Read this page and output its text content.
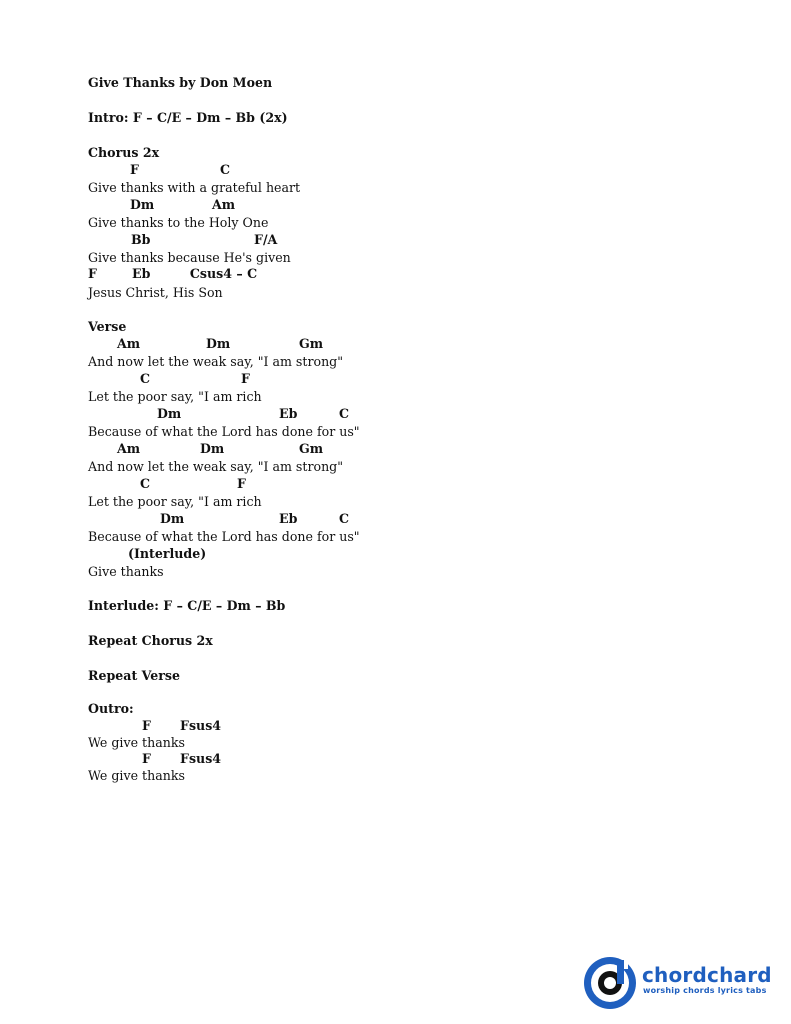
Give Thanks by Don Moen
Intro: F – C/E – Dm – Bb (2x)
Chorus 2x
F	C
Give thanks with a grateful heart
Dm	Am
Give thanks to the Holy One
Bb	F/A
Give thanks because He's given
F        Eb         Csus4 – C
Jesus Christ, His Son
Verse
Am	Dm	Gm
And now let the weak say, "I am strong"
C	F
Let the poor say, "I am rich
Dm	Eb	C
Because of what the Lord has done for us"
Am	Dm	Gm
And now let the weak say, "I am strong"
C	F
Let the poor say, "I am rich
Dm	Eb	C
Because of what the Lord has done for us"
(Interlude)
Give thanks
Interlude: F – C/E – Dm – Bb
Repeat Chorus 2x
Repeat Verse
Outro:
F Fsus4
We give thanks
F Fsus4
We give thanks
chordchard
worship chords lyrics tabs
